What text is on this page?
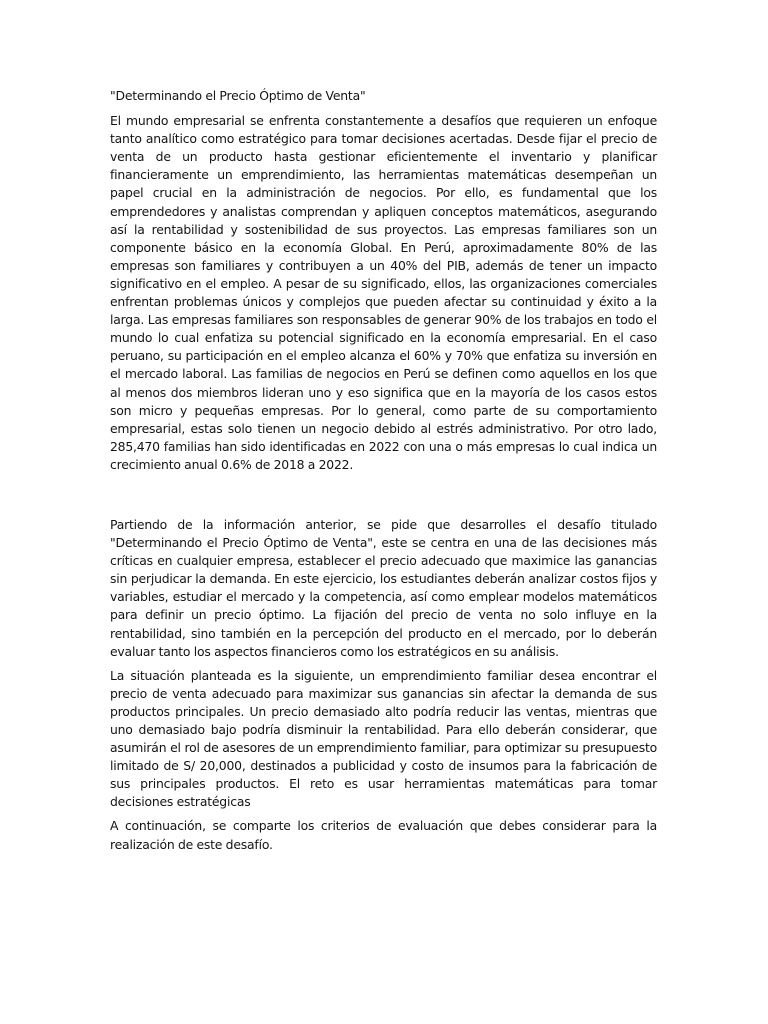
"Determinando el Precio Óptimo de Venta"

El mundo empresarial se enfrenta constantemente a desafíos que requieren un enfoque tanto analítico como estratégico para tomar decisiones acertadas. Desde fijar el precio de venta de un producto hasta gestionar eficientemente el inventario y planificar financieramente un emprendimiento, las herramientas matemáticas desempeñan un papel crucial en la administración de negocios. Por ello, es fundamental que los emprendedores y analistas comprendan y apliquen conceptos matemáticos, asegurando así la rentabilidad y sostenibilidad de sus proyectos. Las empresas familiares son un componente básico en la economía Global. En Perú, aproximadamente 80% de las empresas son familiares y contribuyen a un 40% del PIB, además de tener un impacto significativo en el empleo. A pesar de su significado, ellos, las organizaciones comerciales enfrentan problemas únicos y complejos que pueden afectar su continuidad y éxito a la larga. Las empresas familiares son responsables de generar 90% de los trabajos en todo el mundo lo cual enfatiza su potencial significado en la economía empresarial. En el caso peruano, su participación en el empleo alcanza el 60% y 70% que enfatiza su inversión en el mercado laboral. Las familias de negocios en Perú se definen como aquellos en los que al menos dos miembros lideran uno y eso significa que en la mayoría de los casos estos son micro y pequeñas empresas. Por lo general, como parte de su comportamiento empresarial, estas solo tienen un negocio debido al estrés administrativo. Por otro lado, 285,470 familias han sido identificadas en 2022 con una o más empresas lo cual indica un crecimiento anual 0.6% de 2018 a 2022.

Partiendo de la información anterior, se pide que desarrolles el desafío titulado "Determinando el Precio Óptimo de Venta", este se centra en una de las decisiones más críticas en cualquier empresa, establecer el precio adecuado que maximice las ganancias sin perjudicar la demanda. En este ejercicio, los estudiantes deberán analizar costos fijos y variables, estudiar el mercado y la competencia, así como emplear modelos matemáticos para definir un precio óptimo. La fijación del precio de venta no solo influye en la rentabilidad, sino también en la percepción del producto en el mercado, por lo deberán evaluar tanto los aspectos financieros como los estratégicos en su análisis.

La situación planteada es la siguiente, un emprendimiento familiar desea encontrar el precio de venta adecuado para maximizar sus ganancias sin afectar la demanda de sus productos principales. Un precio demasiado alto podría reducir las ventas, mientras que uno demasiado bajo podría disminuir la rentabilidad. Para ello deberán considerar, que asumirán el rol de asesores de un emprendimiento familiar, para optimizar su presupuesto limitado de S/ 20,000, destinados a publicidad y costo de insumos para la fabricación de sus principales productos. El reto es usar herramientas matemáticas para tomar decisiones estratégicas

A continuación, se comparte los criterios de evaluación que debes considerar para la realización de este desafío.
